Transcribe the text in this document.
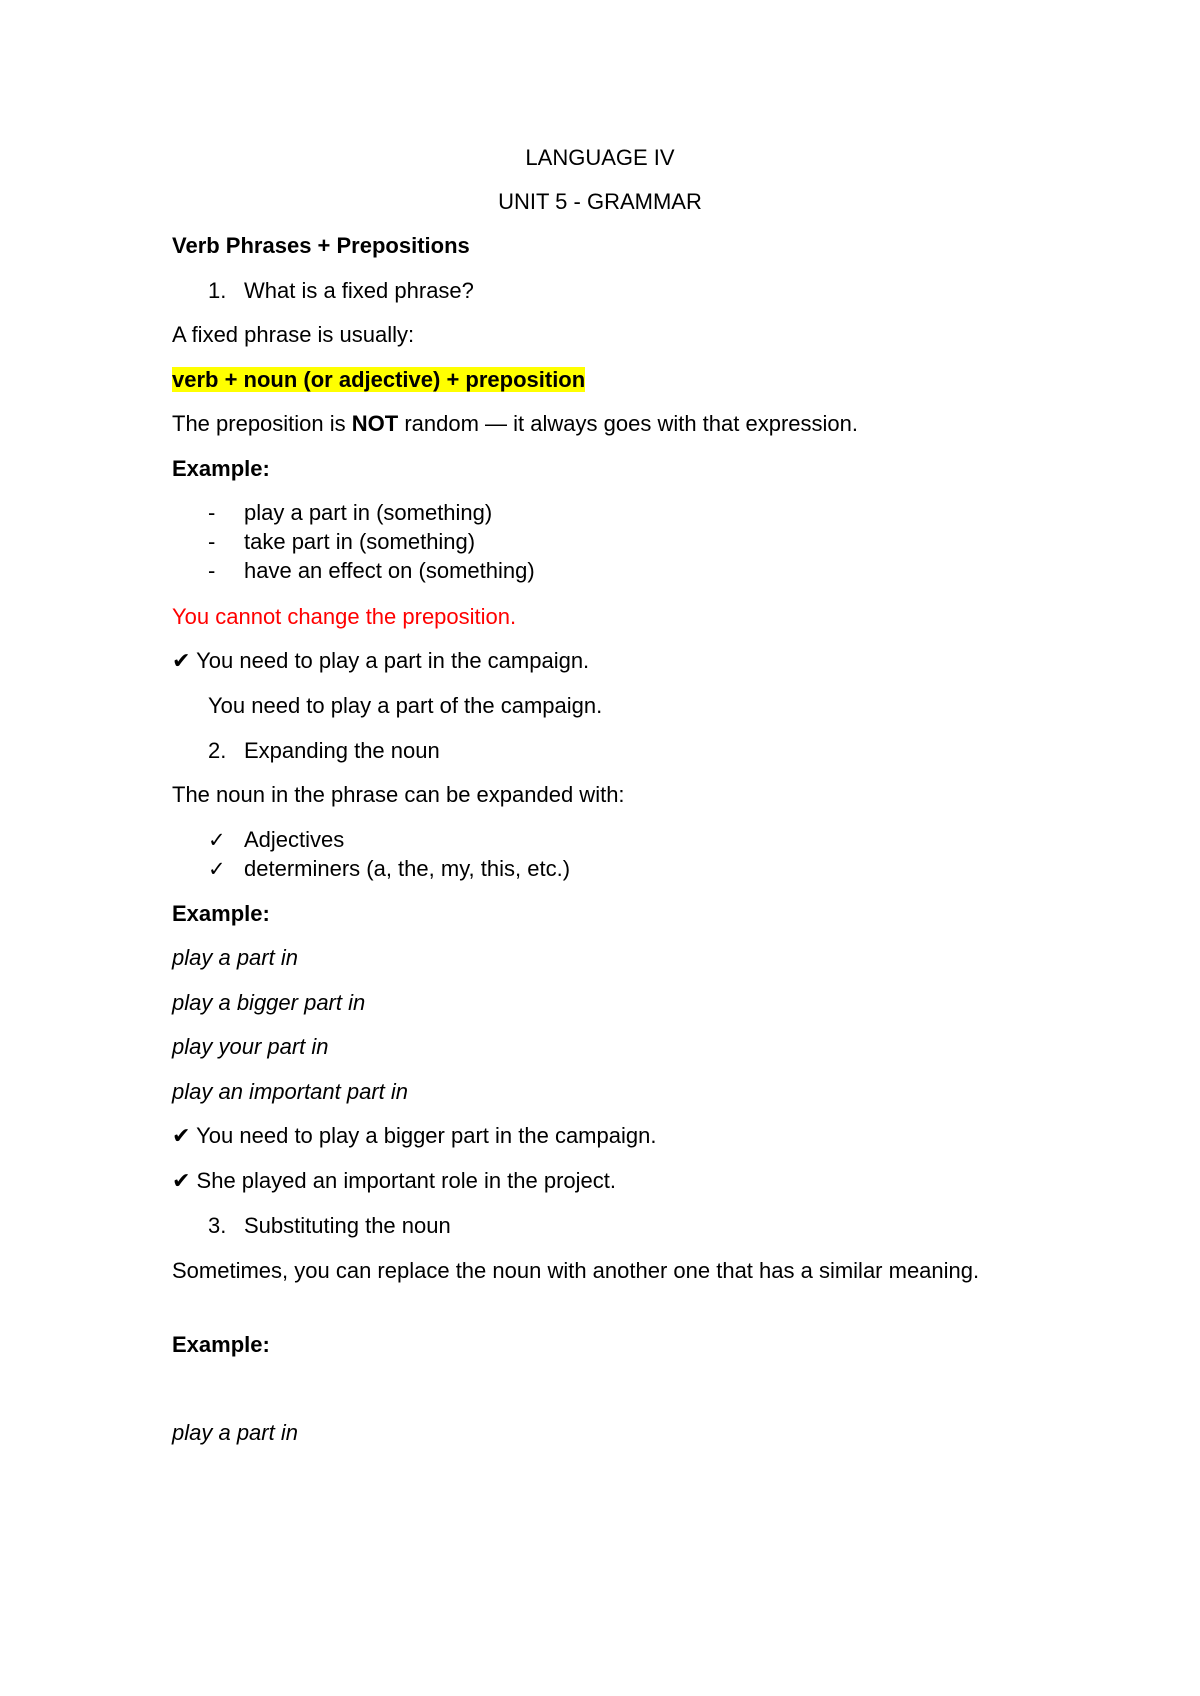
LANGUAGE IV
UNIT 5 - GRAMMAR
Verb Phrases + Prepositions
1. What is a fixed phrase?
A fixed phrase is usually:
verb + noun (or adjective) + preposition
The preposition is NOT random — it always goes with that expression.
Example:
- play a part in (something)
- take part in (something)
- have an effect on (something)
You cannot change the preposition.
✔ You need to play a part in the campaign.
You need to play a part of the campaign.
2. Expanding the noun
The noun in the phrase can be expanded with:
✓ Adjectives
✓ determiners (a, the, my, this, etc.)
Example:
play a part in
play a bigger part in
play your part in
play an important part in
✔ You need to play a bigger part in the campaign.
✔ She played an important role in the project.
3. Substituting the noun
Sometimes, you can replace the noun with another one that has a similar meaning.
Example:
play a part in
